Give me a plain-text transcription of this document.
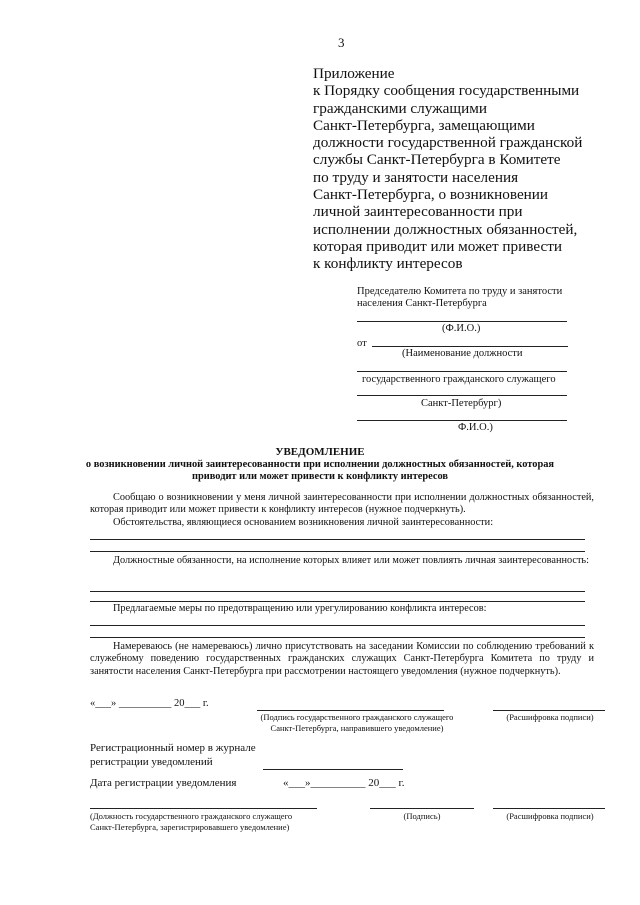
3
Приложение
к Порядку сообщения государственными
гражданскими служащими
Санкт-Петербурга, замещающими
должности государственной гражданской
службы Санкт-Петербурга в Комитете
по труду и занятости населения
Санкт-Петербурга, о возникновении
личной заинтересованности при
исполнении должностных обязанностей,
которая приводит или может привести
к конфликту интересов
Председателю Комитета по труду и занятости
населения Санкт-Петербурга
(Ф.И.О.)
от
(Наименование должности
государственного гражданского служащего
Санкт-Петербург)
Ф.И.О.)
УВЕДОМЛЕНИЕ
о возникновении личной заинтересованности при исполнении должностных обязанностей, которая
приводит или может привести к конфликту интересов
Сообщаю о возникновении у меня личной заинтересованности при исполнении должностных обязанностей, которая приводит или может привести к конфликту интересов (нужное подчеркнуть).
Обстоятельства, являющиеся основанием возникновения личной заинтересованности:
Должностные обязанности, на исполнение которых влияет или может повлиять личная заинтересованность:
Предлагаемые меры по предотвращению или урегулированию конфликта интересов:
Намереваюсь (не намереваюсь) лично присутствовать на заседании Комиссии по соблюдению требований к служебному поведению государственных гражданских служащих Санкт-Петербурга Комитета по труду и занятости населения Санкт-Петербурга при рассмотрении настоящего уведомления (нужное подчеркнуть).
«___» __________ 20___ г.
(Подпись государственного гражданского служащего
Санкт-Петербурга, направившего уведомление)
(Расшифровка подписи)
Регистрационный номер в журнале
регистрации уведомлений
Дата регистрации уведомления	«___»__________ 20___ г.
(Должность государственного гражданского служащего
Санкт-Петербурга, зарегистрировавшего уведомление)
(Подпись)	(Расшифровка подписи)
